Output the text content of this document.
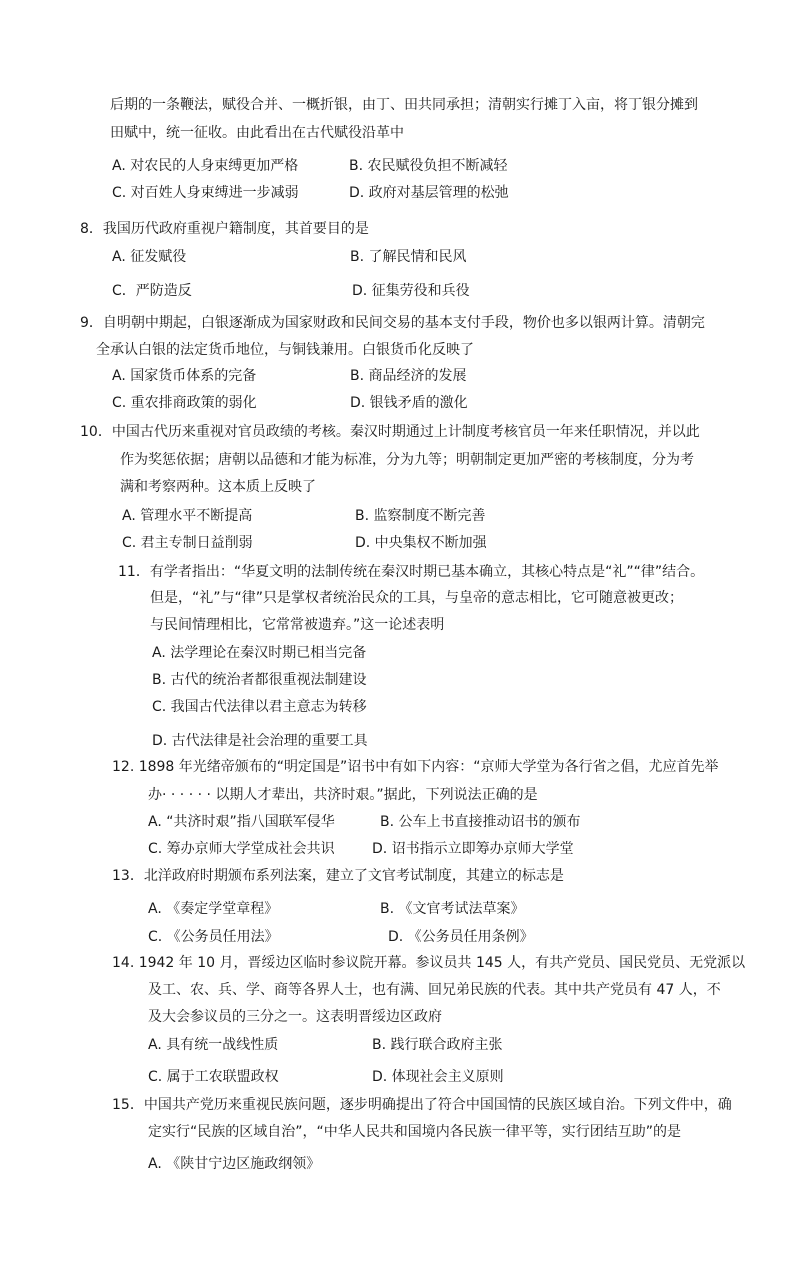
后期的一条鞭法，赋役合并、一概折银，由丁、田共同承担；清朝实行摊丁入亩，将丁银分摊到
田赋中，统一征收。由此看出在古代赋役沿革中
A. 对农民的人身束缚更加严格	B. 农民赋役负担不断减轻
C. 对百姓人身束缚进一步减弱	D. 政府对基层管理的松弛
8．我国历代政府重视户籍制度，其首要目的是
A. 征发赋役	B. 了解民情和民风
C．严防造反	D. 征集劳役和兵役
9．自明朝中期起，白银逐渐成为国家财政和民间交易的基本支付手段，物价也多以银两计算。清朝完
全承认白银的法定货币地位，与铜钱兼用。白银货币化反映了
A. 国家货币体系的完备	B. 商品经济的发展
C. 重农排商政策的弱化	D. 银钱矛盾的激化
10．中国古代历来重视对官员政绩的考核。秦汉时期通过上计制度考核官员一年来任职情况，并以此
作为奖惩依据；唐朝以品德和才能为标准，分为九等；明朝制定更加严密的考核制度，分为考
满和考察两种。这本质上反映了
A. 管理水平不断提高	B. 监察制度不断完善
C. 君主专制日益削弱	D. 中央集权不断加强
11．有学者指出：“华夏文明的法制传统在秦汉时期已基本确立，其核心特点是“礼”“律”结合。
但是，“礼”与“律”只是掌权者统治民众的工具，与皇帝的意志相比，它可随意被更改；
与民间情理相比，它常常被遗弃。”这一论述表明
A. 法学理论在秦汉时期已相当完备
B. 古代的统治者都很重视法制建设
C. 我国古代法律以君主意志为转移
D. 古代法律是社会治理的重要工具
12. 1898 年光绪帝颁布的“明定国是”诏书中有如下内容：“京师大学堂为各行省之倡，尤应首先举
办· · · · · · 以期人才辈出，共济时艰。”据此，下列说法正确的是
A. “共济时艰”指八国联军侵华	B. 公车上书直接推动诏书的颁布
C. 筹办京师大学堂成社会共识	D. 诏书指示立即筹办京师大学堂
13．北洋政府时期颁布系列法案，建立了文官考试制度，其建立的标志是
A. 《奏定学堂章程》	B. 《文官考试法草案》
C. 《公务员任用法》	D. 《公务员任用条例》
14. 1942 年 10 月，晋绥边区临时参议院开幕。参议员共 145 人，有共产党员、国民党员、无党派以
及工、农、兵、学、商等各界人士，也有满、回兄弟民族的代表。其中共产党员有 47 人，不
及大会参议员的三分之一。这表明晋绥边区政府
A. 具有统一战线性质	B. 践行联合政府主张
C. 属于工农联盟政权	D. 体现社会主义原则
15．中国共产党历来重视民族问题，逐步明确提出了符合中国国情的民族区域自治。下列文件中，确
定实行“民族的区域自治”，“中华人民共和国境内各民族一律平等，实行团结互助”的是
A. 《陕甘宁边区施政纲领》
